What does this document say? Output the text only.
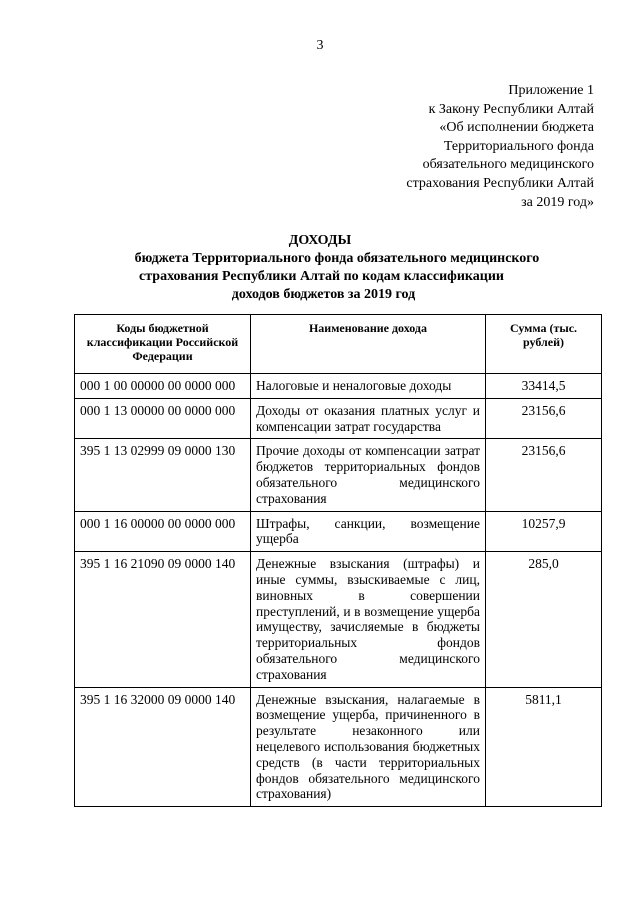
3
Приложение 1
к Закону Республики Алтай
«Об исполнении бюджета
Территориального фонда
обязательного медицинского
страхования Республики Алтай
за 2019 год»
ДОХОДЫ
бюджета Территориального фонда обязательного медицинского
страхования Республики Алтай по кодам классификации
доходов бюджетов за 2019 год
Коды бюджетной классификации Российской Федерации	Наименование дохода	Сумма (тыс. рублей)
000 1 00 00000 00 0000 000	Налоговые и неналоговые доходы	33414,5
000 1 13 00000 00 0000 000	Доходы от оказания платных услуг и компенсации затрат государства	23156,6
395 1 13 02999 09 0000 130	Прочие доходы от компенсации затрат бюджетов территориальных фондов обязательного медицинского страхования	23156,6
000 1 16 00000 00 0000 000	Штрафы, санкции, возмещение ущерба	10257,9
395 1 16 21090 09 0000 140	Денежные взыскания (штрафы) и иные суммы, взыскиваемые с лиц, виновных в совершении преступлений, и в возмещение ущерба имуществу, зачисляемые в бюджеты территориальных фондов обязательного медицинского страхования	285,0
395 1 16 32000 09 0000 140	Денежные взыскания, налагаемые в возмещение ущерба, причиненного в результате незаконного или нецелевого использования бюджетных средств (в части территориальных фондов обязательного медицинского страхования)	5811,1
